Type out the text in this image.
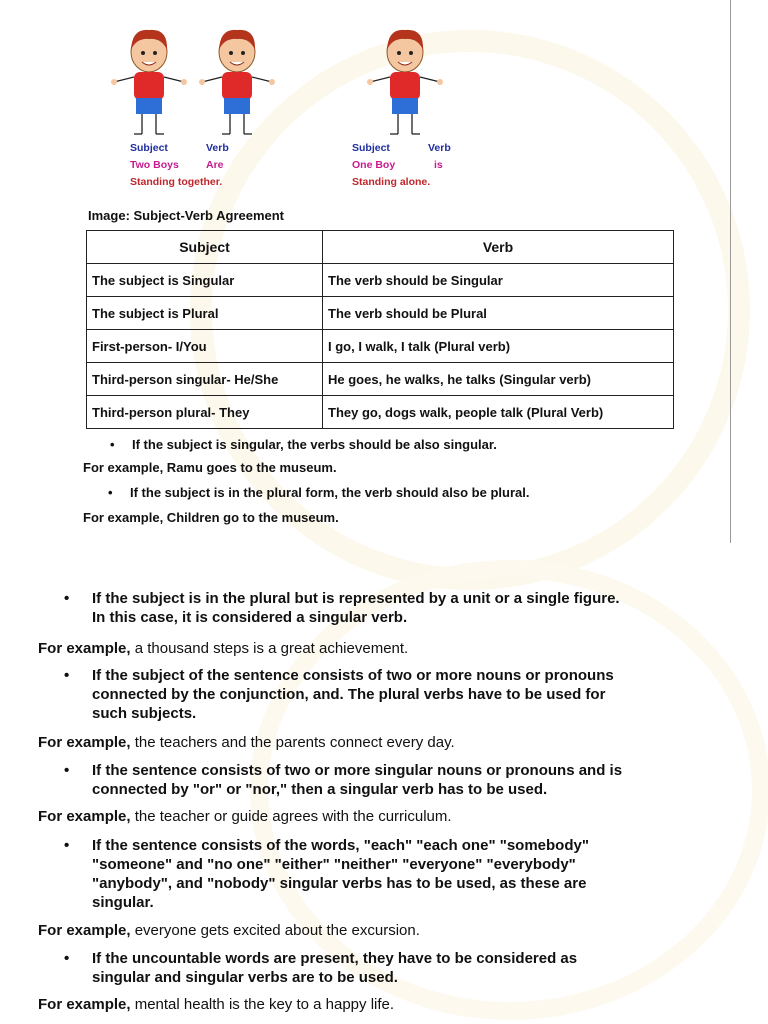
Subject	Verb
Two Boys	Are
Standing together.
Subject	Verb
One Boy	is
Standing alone.
Image: Subject-Verb Agreement
Subject	Verb
The subject is Singular	The verb should be Singular
The subject is Plural	The verb should be Plural
First-person- I/You	I go, I walk, I talk (Plural verb)
Third-person singular- He/She	He goes, he walks, he talks (Singular verb)
Third-person plural- They	They go, dogs walk, people talk (Plural Verb)
• If the subject is singular, the verbs should be also singular.
For example, Ramu goes to the museum.
• If the subject is in the plural form, the verb should also be plural.
For example, Children go to the museum.
• If the subject is in the plural but is represented by a unit or a single figure.
In this case, it is considered a singular verb.
For example, a thousand steps is a great achievement.
• If the subject of the sentence consists of two or more nouns or pronouns
connected by the conjunction, and. The plural verbs have to be used for
such subjects.
For example, the teachers and the parents connect every day.
• If the sentence consists of two or more singular nouns or pronouns and is
connected by "or" or "nor," then a singular verb has to be used.
For example, the teacher or guide agrees with the curriculum.
• If the sentence consists of the words, "each" "each one" "somebody"
"someone" and "no one" "either" "neither" "everyone" "everybody"
"anybody", and "nobody" singular verbs has to be used, as these are
singular.
For example, everyone gets excited about the excursion.
• If the uncountable words are present, they have to be considered as
singular and singular verbs are to be used.
For example, mental health is the key to a happy life.
